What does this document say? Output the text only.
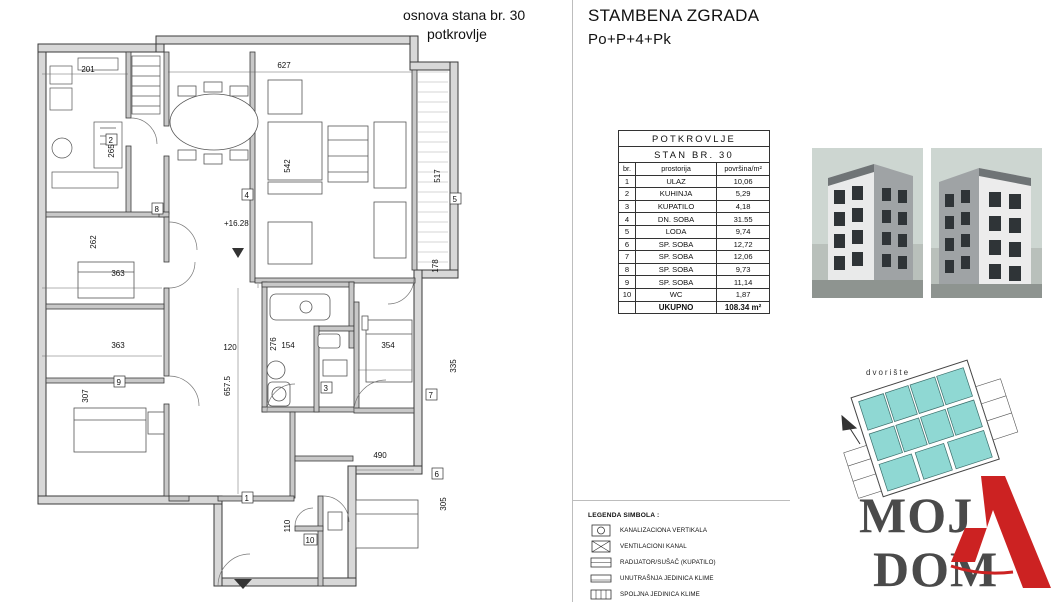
osnova stana br. 30
potkrovlje
1
2
3
4	5
6
7
8
9
10
201	627
265
262
542
517
178
363
363
307
120
657.5
276 154	354
335
490
305
110
+16.28
STAMBENA ZGRADA
Po+P+4+Pk
POTKROVLJE		
STAN BR. 30		
br.	prostorija	površina/m²
1	ULAZ	10,06
2	KUHINJA	5,29
3	KUPATILO	4,18
4	DN. SOBA	31.55
5	LODA	9,74
6	SP. SOBA	12,72
7	SP. SOBA	12,06
8	SP. SOBA	9,73
9	SP. SOBA	11,14
10	WC	1,87
	UKUPNO	108.34 m²
dvorište
MOJ
DOM
LEGENDA SIMBOLA :
KANALIZACIONA VERTIKALA
VENTILACIONI KANAL
RADIJATOR/SUŠAČ (KUPATILO)
UNUTRAŠNJA JEDINICA KLIME
SPOLJNA JEDINICA KLIME
